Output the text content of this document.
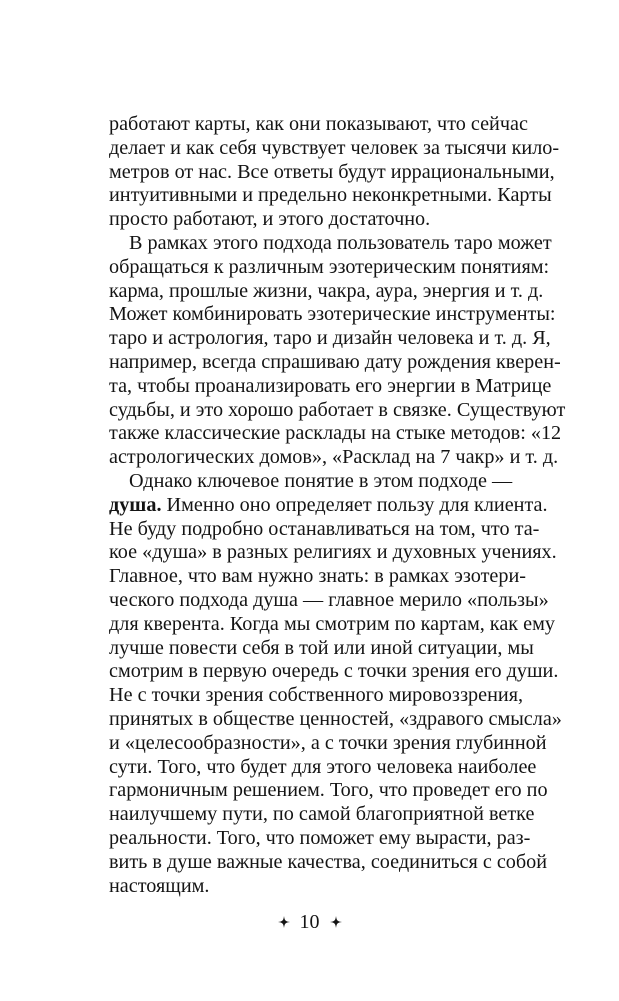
работают карты, как они показывают, что сейчас
делает и как себя чувствует человек за тысячи кило-
метров от нас. Все ответы будут иррациональными,
интуитивными и предельно неконкретными. Карты
просто работают, и этого достаточно.
В рамках этого подхода пользователь таро может
обращаться к различным эзотерическим понятиям:
карма, прошлые жизни, чакра, аура, энергия и т. д.
Может комбинировать эзотерические инструменты:
таро и астрология, таро и дизайн человека и т. д. Я,
например, всегда спрашиваю дату рождения кверен-
та, чтобы проанализировать его энергии в Матрице
судьбы, и это хорошо работает в связке. Существуют
также классические расклады на стыке методов: «12
астрологических домов», «Расклад на 7 чакр» и т. д.
Однако ключевое понятие в этом подходе —
душа. Именно оно определяет пользу для клиента.
Не буду подробно останавливаться на том, что та-
кое «душа» в разных религиях и духовных учениях.
Главное, что вам нужно знать: в рамках эзотери-
ческого подхода душа — главное мерило «пользы»
для кверента. Когда мы смотрим по картам, как ему
лучше повести себя в той или иной ситуации, мы
смотрим в первую очередь с точки зрения его души.
Не с точки зрения собственного мировоззрения,
принятых в обществе ценностей, «здравого смысла»
и «целесообразности», а с точки зрения глубинной
сути. Того, что будет для этого человека наиболее
гармоничным решением. Того, что проведет его по
наилучшему пути, по самой благоприятной ветке
реальности. Того, что поможет ему вырасти, раз-
вить в душе важные качества, соединиться с собой
настоящим.
10
